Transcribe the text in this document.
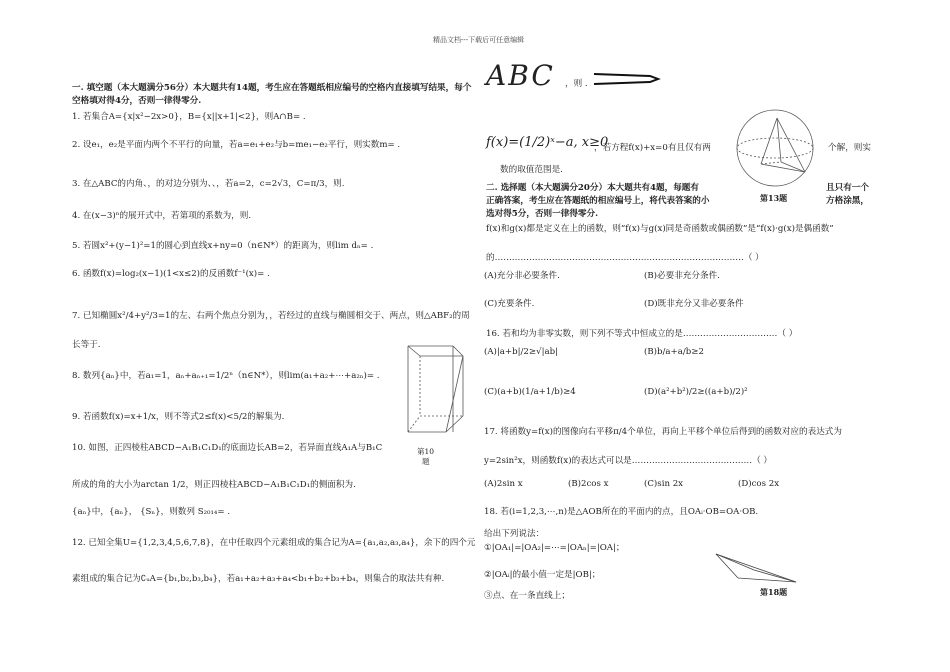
精品文档---下载后可任意编辑
一. 填空题（本大题满分56分）本大题共有14题，考生应在答题纸相应编号的空格内直接填写结果，每个
空格填对得4分，否则一律得零分.
1. 若集合A={x|x²−2x>0}，B={x||x+1|<2}，则A∩B= .
2. 设e₁，e₂是平面内两个不平行的向量，若a=e₁+e₂与b=me₁−e₂平行，则实数m= .
3. 在△ABC的内角、，的对边分别为、、，若a=2，c=2√3，C=π/3，则.
4. 在(x−3)ⁿ的展开式中，若第项的系数为，则.
5. 若圆x²+(y−1)²=1的圆心到直线x+ny=0（n∈N*）的距离为，则lim dₙ= .
6. 函数f(x)=log₂(x−1)(1<x≤2)的反函数f⁻¹(x)= .
7. 已知椭圆x²/4+y²/3=1的左、右两个焦点分别为，，若经过的直线与椭圆相交于、两点，则△ABF₂的周
长等于.
8. 数列{aₙ}中，若a₁=1，aₙ+aₙ₊₁=1/2ⁿ（n∈N*），则lim(a₁+a₂+⋯+a₂ₙ)= .
9. 若函数f(x)=x+1/x，则不等式2≤f(x)<5/2的解集为.
10. 如图，正四棱柱ABCD−A₁B₁C₁D₁的底面边长AB=2，若异面直线A₁A与B₁C
所成的角的大小为arctan 1/2，则正四棱柱ABCD−A₁B₁C₁D₁的侧面积为.
{aₙ}中，{aₙ}， {Sₙ}，则数列 S₂₀₁₄= .
12. 已知全集U={1,2,3,4,5,6,7,8}，在中任取四个元素组成的集合记为A={a₁,a₂,a₃,a₄}，余下的四个元
素组成的集合记为∁ᵤA={b₁,b₂,b₃,b₄}，若a₁+a₂+a₃+a₄<b₁+b₂+b₃+b₄，则集合的取法共有种.
第10
题
ABC ，则 .
f(x)=(1/2)ˣ−a, x≥0
，若方程f(x)+x=0有且仅有两	个解，则实
数的取值范围是.
第13题
二. 选择题（本大题满分20分）本大题共有4题，每题有	且只有一个
正确答案，考生应在答题纸的相应编号上，将代表答案的小	方格涂黑，
选对得5分，否则一律得零分.
f(x)和g(x)都是定义在上的函数，则“f(x)与g(x)同是奇函数或偶函数”是“f(x)·g(x)是偶函数”
的……………………………………………………………………………（ ）
(A)充分非必要条件.	(B)必要非充分条件.
(C)充要条件.	(D)既非充分又非必要条件
16. 若和均为非零实数，则下列不等式中恒成立的是……………………………（ ）
(A)|a+b|/2≥√|ab|	(B)b/a+a/b≥2
(C)(a+b)(1/a+1/b)≥4	(D)(a²+b²)/2≥((a+b)/2)²
17. 将函数y=f(x)的图像向右平移π/4个单位，再向上平移个单位后得到的函数对应的表达式为
y=2sin²x，则函数f(x)的表达式可以是……………………………………（ ）
(A)2sin x	(B)2cos x	(C)sin 2x	(D)cos 2x
18. 若(i=1,2,3,⋯,n)是△AOB所在的平面内的点，且OAᵢ·OB=OA·OB.
给出下列说法：
①|OA₁|=|OA₂|=⋯=|OAₙ|=|OA|；
②|OAᵢ|的最小值一定是|OB|；
③点、在一条直线上；	第18题
